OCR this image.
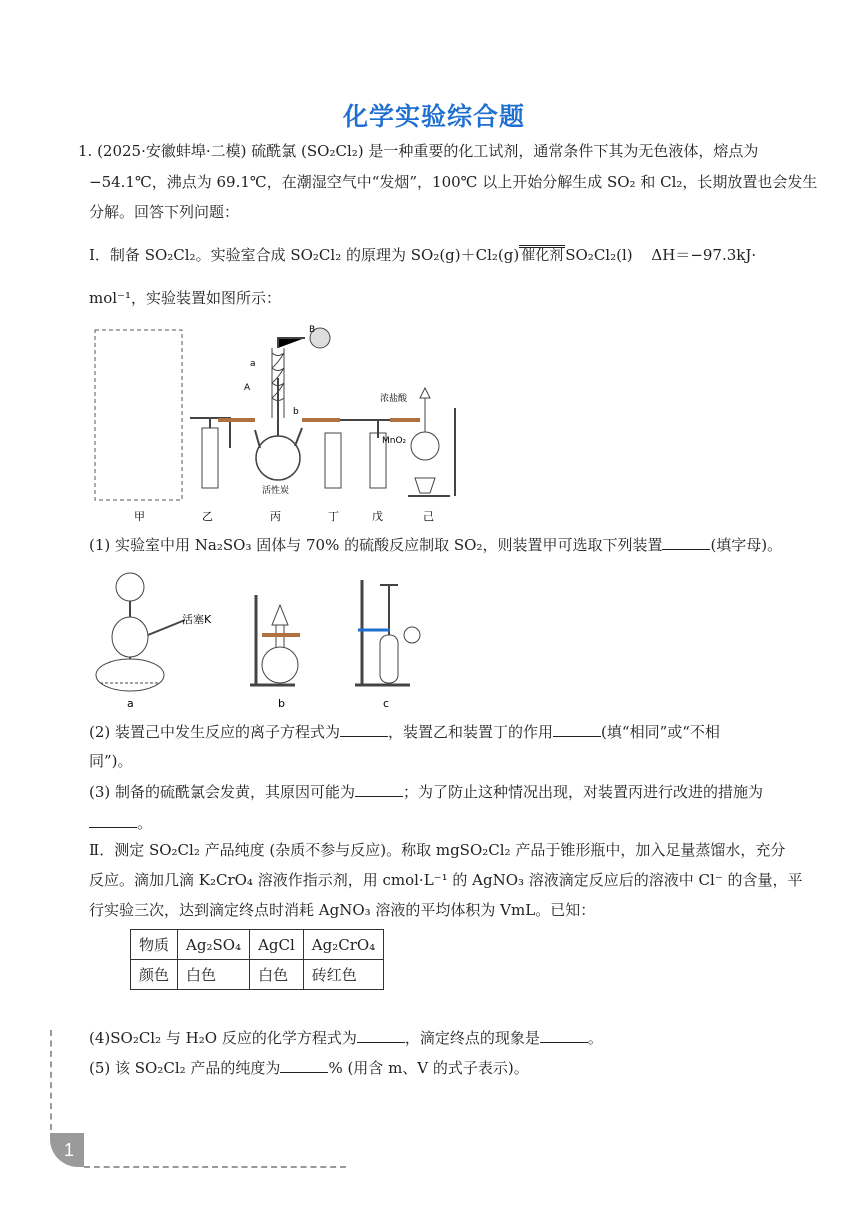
化学实验综合题
1. (2025·安徽蚌埠·二模) 硫酰氯 (SO₂Cl₂) 是一种重要的化工试剂，通常条件下其为无色液体，熔点为
−54.1℃，沸点为 69.1℃，在潮湿空气中“发烟”，100℃ 以上开始分解生成 SO₂ 和 Cl₂，长期放置也会发生
分解。回答下列问题：
Ⅰ．制备 SO₂Cl₂。实验室合成 SO₂Cl₂ 的原理为 SO₂(g)＋Cl₂(g) 催化剂 SO₂Cl₂(l) ΔH＝−97.3kJ·
mol⁻¹，实验装置如图所示：
B
a
A
b
浓盐酸
MnO₂
活性炭
甲	乙	丙	丁	戊	己
(1) 实验室中用 Na₂SO₃ 固体与 70% 的硫酸反应制取 SO₂，则装置甲可选取下列装置	(填字母)。
活塞K
a	b	c
(2) 装置己中发生反应的离子方程式为	，装置乙和装置丁的作用	(填“相同”或“不相
同”)。
(3) 制备的硫酰氯会发黄，其原因可能为	；为了防止这种情况出现，对装置丙进行改进的措施为
。
Ⅱ．测定 SO₂Cl₂ 产品纯度 (杂质不参与反应)。称取 mgSO₂Cl₂ 产品于锥形瓶中，加入足量蒸馏水，充分
反应。滴加几滴 K₂CrO₄ 溶液作指示剂，用 cmol·L⁻¹ 的 AgNO₃ 溶液滴定反应后的溶液中 Cl⁻ 的含量，平
行实验三次，达到滴定终点时消耗 AgNO₃ 溶液的平均体积为 VmL。已知：
物质	Ag₂SO₄	AgCl	Ag₂CrO₄
颜色	白色	白色	砖红色
(4)SO₂Cl₂ 与 H₂O 反应的化学方程式为	，滴定终点的现象是	。
(5) 该 SO₂Cl₂ 产品的纯度为	% (用含 m、V 的式子表示)。
1
